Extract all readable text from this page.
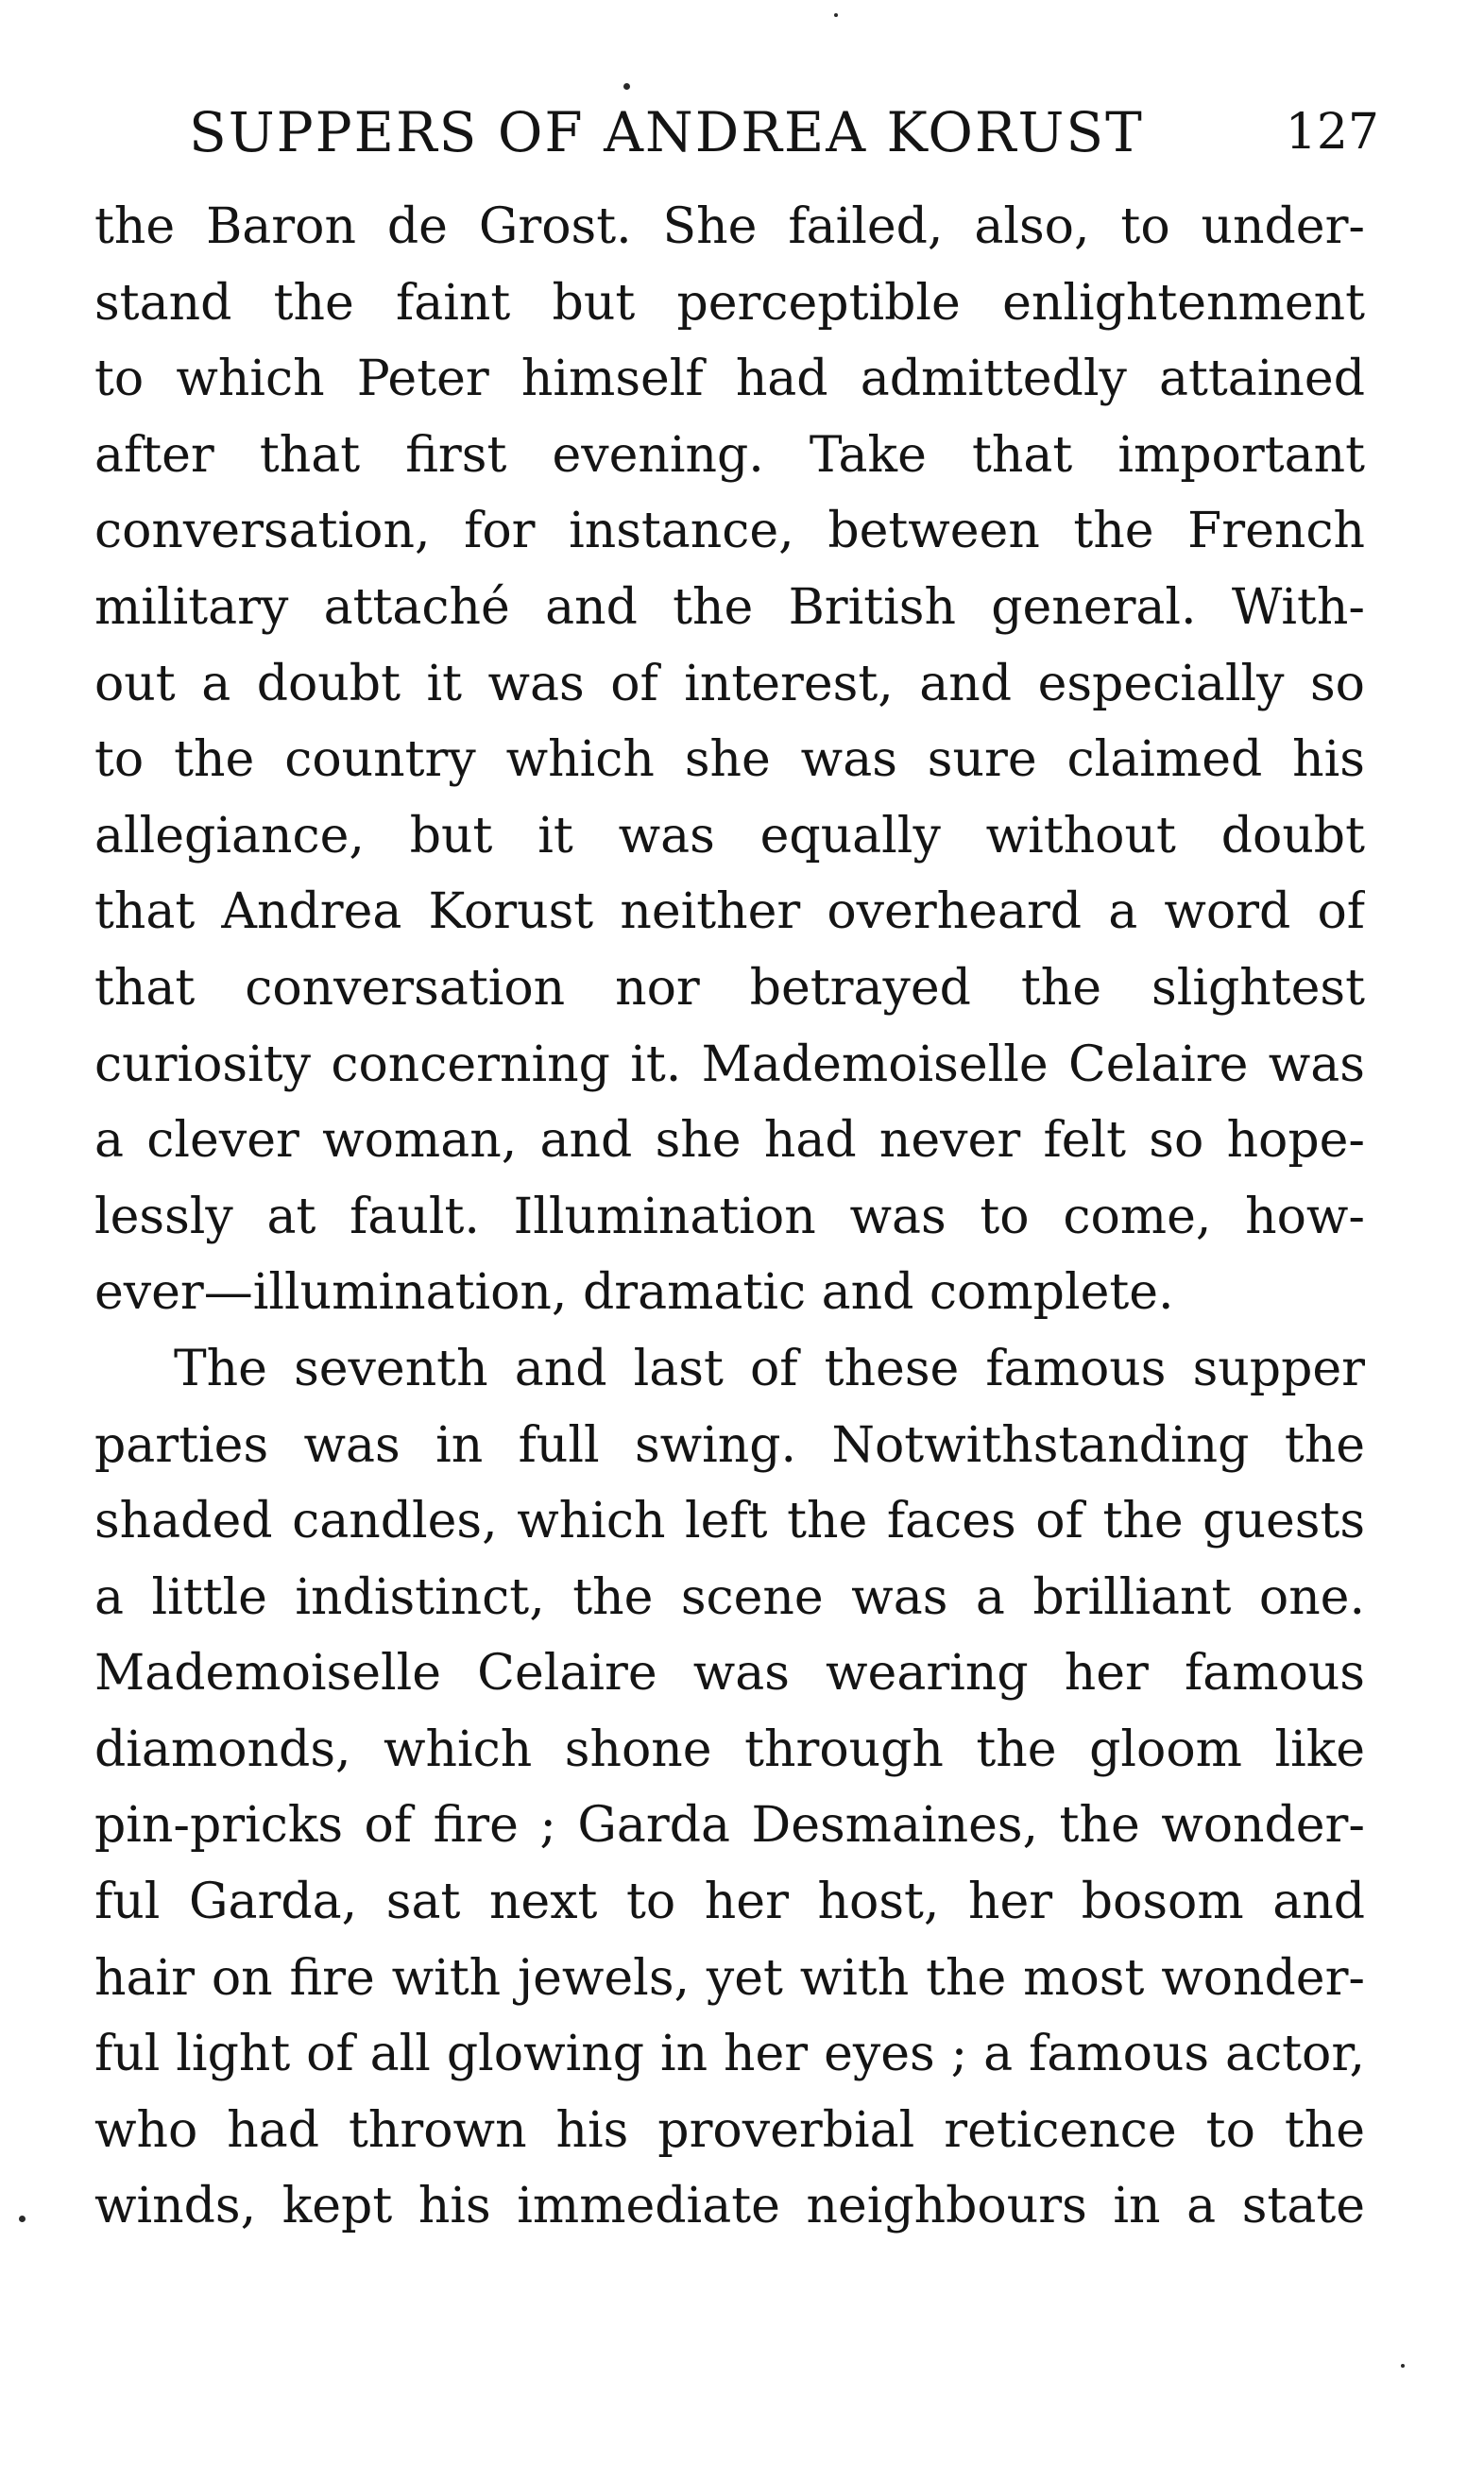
SUPPERS OF ANDREA KORUST	127
the Baron de Grost. She failed, also, to under-
stand the faint but perceptible enlightenment
to which Peter himself had admittedly attained
after that first evening. Take that important
conversation, for instance, between the French
military attaché and the British general. With-
out a doubt it was of interest, and especially so
to the country which she was sure claimed his
allegiance, but it was equally without doubt
that Andrea Korust neither overheard a word of
that conversation nor betrayed the slightest
curiosity concerning it. Mademoiselle Celaire was
a clever woman, and she had never felt so hope-
lessly at fault. Illumination was to come, how-
ever—illumination, dramatic and complete.
The seventh and last of these famous supper
parties was in full swing. Notwithstanding the
shaded candles, which left the faces of the guests
a little indistinct, the scene was a brilliant one.
Mademoiselle Celaire was wearing her famous
diamonds, which shone through the gloom like
pin-pricks of fire ; Garda Desmaines, the wonder-
ful Garda, sat next to her host, her bosom and
hair on fire with jewels, yet with the most wonder-
ful light of all glowing in her eyes ; a famous actor,
who had thrown his proverbial reticence to the
winds, kept his immediate neighbours in a state
